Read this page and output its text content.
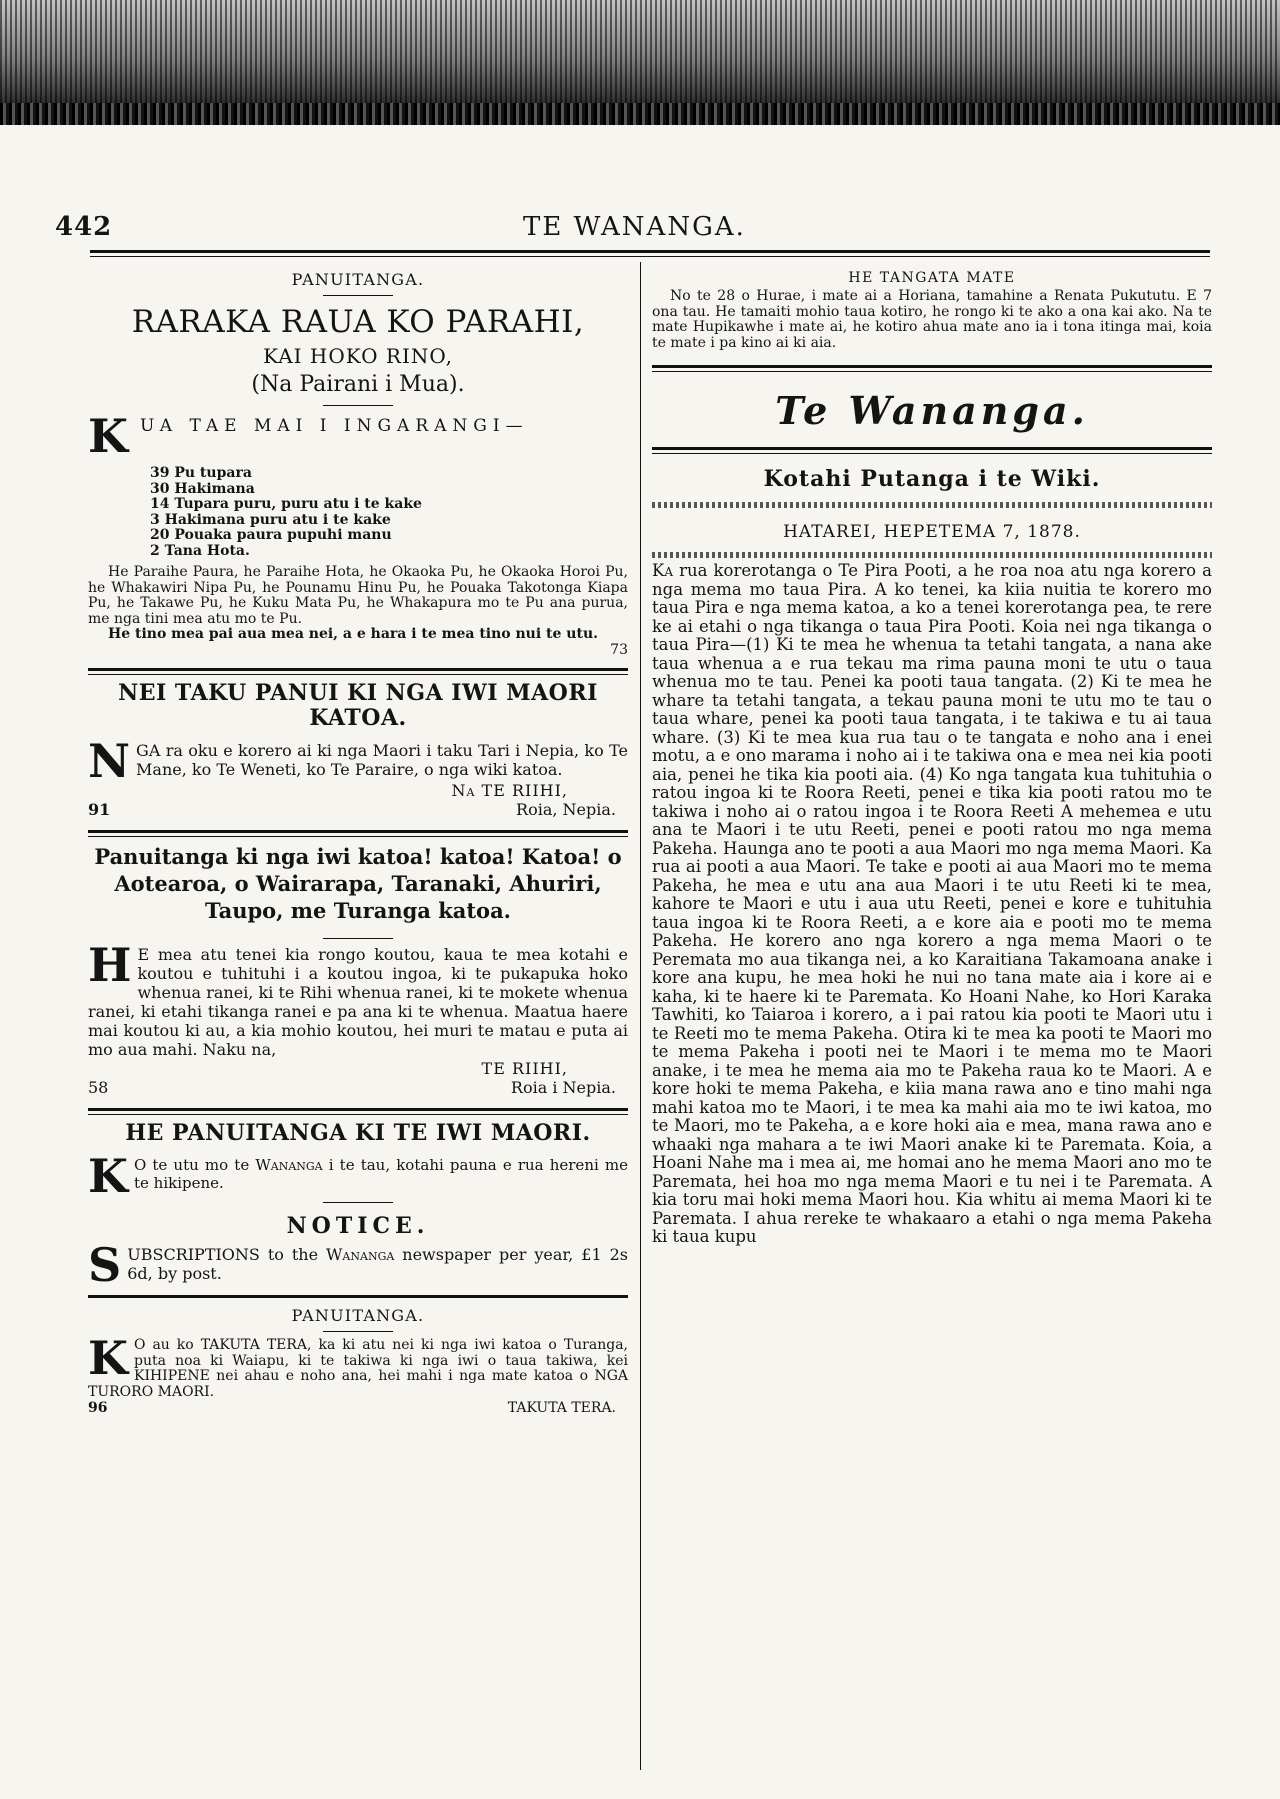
442	TE WANANGA.
PANUITANGA.
RARAKA RAUA KO PARAHI,
KAI HOKO RINO,
(Na Pairani i Mua).
K UA TAE MAI I INGARANGI—
39 Pu tupara
30 Hakimana
14 Tupara puru, puru atu i te kake
3 Hakimana puru atu i te kake
20 Pouaka paura pupuhi manu
2 Tana Hota.
He Paraihe Paura, he Paraihe Hota, he Okaoka Pu, he Okaoka Horoi Pu, he Whakawiri Nipa Pu, he Pounamu Hinu Pu, he Pouaka Takotonga Kiapa Pu, he Takawe Pu, he Kuku Mata Pu, he Whakapura mo te Pu ana purua, me nga tini mea atu mo te Pu.
He tino mea pai aua mea nei, a e hara i te mea tino nui te utu.
73
NEI TAKU PANUI KI NGA IWI MAORI KATOA.
N GA ra oku e korero ai ki nga Maori i taku Tari i Nepia, ko Te Mane, ko Te Weneti, ko Te Paraire, o nga wiki katoa.
Na TE RIIHI,
91	Roia, Nepia.
Panuitanga ki nga iwi katoa! katoa! Katoa! o Aotearoa, o Wairarapa, Taranaki, Ahuriri, Taupo, me Turanga katoa.
H E mea atu tenei kia rongo koutou, kaua te mea kotahi e koutou e tuhituhi i a koutou ingoa, ki te pukapuka hoko whenua ranei, ki te Rihi whenua ranei, ki te mokete whenua ranei, ki etahi tikanga ranei e pa ana ki te whenua. Maatua haere mai koutou ki au, a kia mohio koutou, hei muri te matau e puta ai mo aua mahi. Naku na,
TE RIIHI,
58	Roia i Nepia.
HE PANUITANGA KI TE IWI MAORI.
K O te utu mo te Wananga i te tau, kotahi pauna e rua hereni me te hikipene.
NOTICE.
S UBSCRIPTIONS to the Wananga newspaper per year, £1 2s 6d, by post.
PANUITANGA.
K O au ko TAKUTA TERA, ka ki atu nei ki nga iwi katoa o Turanga, puta noa ki Waiapu, ki te takiwa ki nga iwi o taua takiwa, kei KIHIPENE nei ahau e noho ana, hei mahi i nga mate katoa o NGA TURORO MAORI.
96	TAKUTA TERA.
HE TANGATA MATE
No te 28 o Hurae, i mate ai a Horiana, tamahine a Renata Pukututu. E 7 ona tau. He tamaiti mohio taua kotiro, he rongo ki te ako a ona kai ako. Na te mate Hupikawhe i mate ai, he kotiro ahua mate ano ia i tona itinga mai, koia te mate i pa kino ai ki aia.
Te Wananga.
Kotahi Putanga i te Wiki.
HATAREI, HEPETEMA 7, 1878.
Ka rua korerotanga o Te Pira Pooti, a he roa noa atu nga korero a nga mema mo taua Pira. A ko tenei, ka kiia nuitia te korero mo taua Pira e nga mema katoa, a ko a tenei korerotanga pea, te rere ke ai etahi o nga tikanga o taua Pira Pooti. Koia nei nga tikanga o taua Pira—(1) Ki te mea he whenua ta tetahi tangata, a nana ake taua whenua a e rua tekau ma rima pauna moni te utu o taua whenua mo te tau. Penei ka pooti taua tangata. (2) Ki te mea he whare ta tetahi tangata, a tekau pauna moni te utu mo te tau o taua whare, penei ka pooti taua tangata, i te takiwa e tu ai taua whare. (3) Ki te mea kua rua tau o te tangata e noho ana i enei motu, a e ono marama i noho ai i te takiwa ona e mea nei kia pooti aia, penei he tika kia pooti aia. (4) Ko nga tangata kua tuhituhia o ratou ingoa ki te Roora Reeti, penei e tika kia pooti ratou mo te takiwa i noho ai o ratou ingoa i te Roora Reeti A mehemea e utu ana te Maori i te utu Reeti, penei e pooti ratou mo nga mema Pakeha. Haunga ano te pooti a aua Maori mo nga mema Maori. Ka rua ai pooti a aua Maori. Te take e pooti ai aua Maori mo te mema Pakeha, he mea e utu ana aua Maori i te utu Reeti ki te mea, kahore te Maori e utu i aua utu Reeti, penei e kore e tuhituhia taua ingoa ki te Roora Reeti, a e kore aia e pooti mo te mema Pakeha. He korero ano nga korero a nga mema Maori o te Peremata mo aua tikanga nei, a ko Karaitiana Takamoana anake i kore ana kupu, he mea hoki he nui no tana mate aia i kore ai e kaha, ki te haere ki te Paremata. Ko Hoani Nahe, ko Hori Karaka Tawhiti, ko Taiaroa i korero, a i pai ratou kia pooti te Maori utu i te Reeti mo te mema Pakeha. Otira ki te mea ka pooti te Maori mo te mema Pakeha i pooti nei te Maori i te mema mo te Maori anake, i te mea he mema aia mo te Pakeha raua ko te Maori. A e kore hoki te mema Pakeha, e kiia mana rawa ano e tino mahi nga mahi katoa mo te Maori, i te mea ka mahi aia mo te iwi katoa, mo te Maori, mo te Pakeha, a e kore hoki aia e mea, mana rawa ano e whaaki nga mahara a te iwi Maori anake ki te Paremata. Koia, a Hoani Nahe ma i mea ai, me homai ano he mema Maori ano mo te Paremata, hei hoa mo nga mema Maori e tu nei i te Paremata. A kia toru mai hoki mema Maori hou. Kia whitu ai mema Maori ki te Paremata. I ahua rereke te whakaaro a etahi o nga mema Pakeha ki taua kupu
